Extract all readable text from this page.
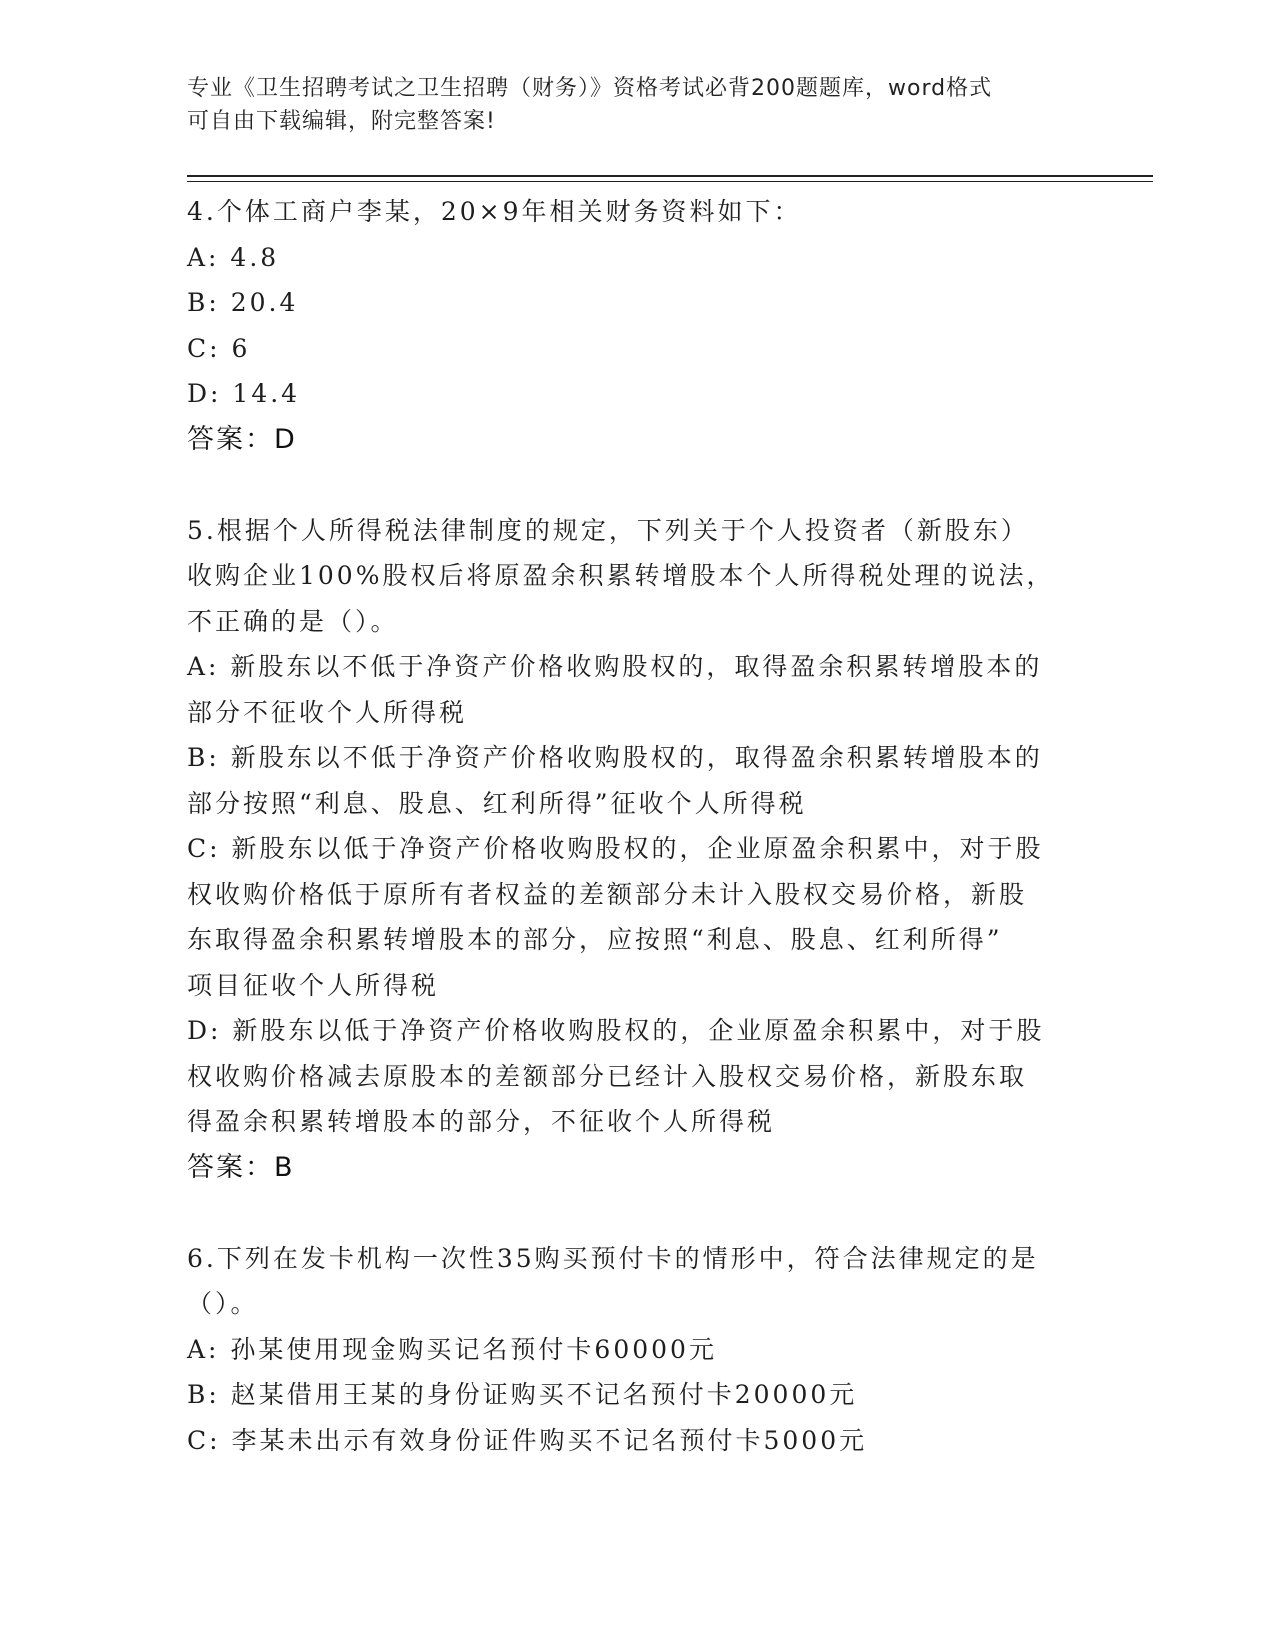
专业《卫生招聘考试之卫生招聘（财务）》资格考试必背200题题库，word格式
可自由下载编辑，附完整答案!
4.个体工商户李某，20×9年相关财务资料如下：
A: 4.8
B: 20.4
C: 6
D: 14.4
答案：D
5.根据个人所得税法律制度的规定，下列关于个人投资者（新股东）
收购企业100%股权后将原盈余积累转增股本个人所得税处理的说法，
不正确的是（）。
A: 新股东以不低于净资产价格收购股权的，取得盈余积累转增股本的
部分不征收个人所得税
B: 新股东以不低于净资产价格收购股权的，取得盈余积累转增股本的
部分按照“利息、股息、红利所得”征收个人所得税
C: 新股东以低于净资产价格收购股权的，企业原盈余积累中，对于股
权收购价格低于原所有者权益的差额部分未计入股权交易价格，新股
东取得盈余积累转增股本的部分，应按照“利息、股息、红利所得”
项目征收个人所得税
D: 新股东以低于净资产价格收购股权的，企业原盈余积累中，对于股
权收购价格减去原股本的差额部分已经计入股权交易价格，新股东取
得盈余积累转增股本的部分，不征收个人所得税
答案：B
6.下列在发卡机构一次性35购买预付卡的情形中，符合法律规定的是
（）。
A: 孙某使用现金购买记名预付卡60000元
B: 赵某借用王某的身份证购买不记名预付卡20000元
C: 李某未出示有效身份证件购买不记名预付卡5000元
